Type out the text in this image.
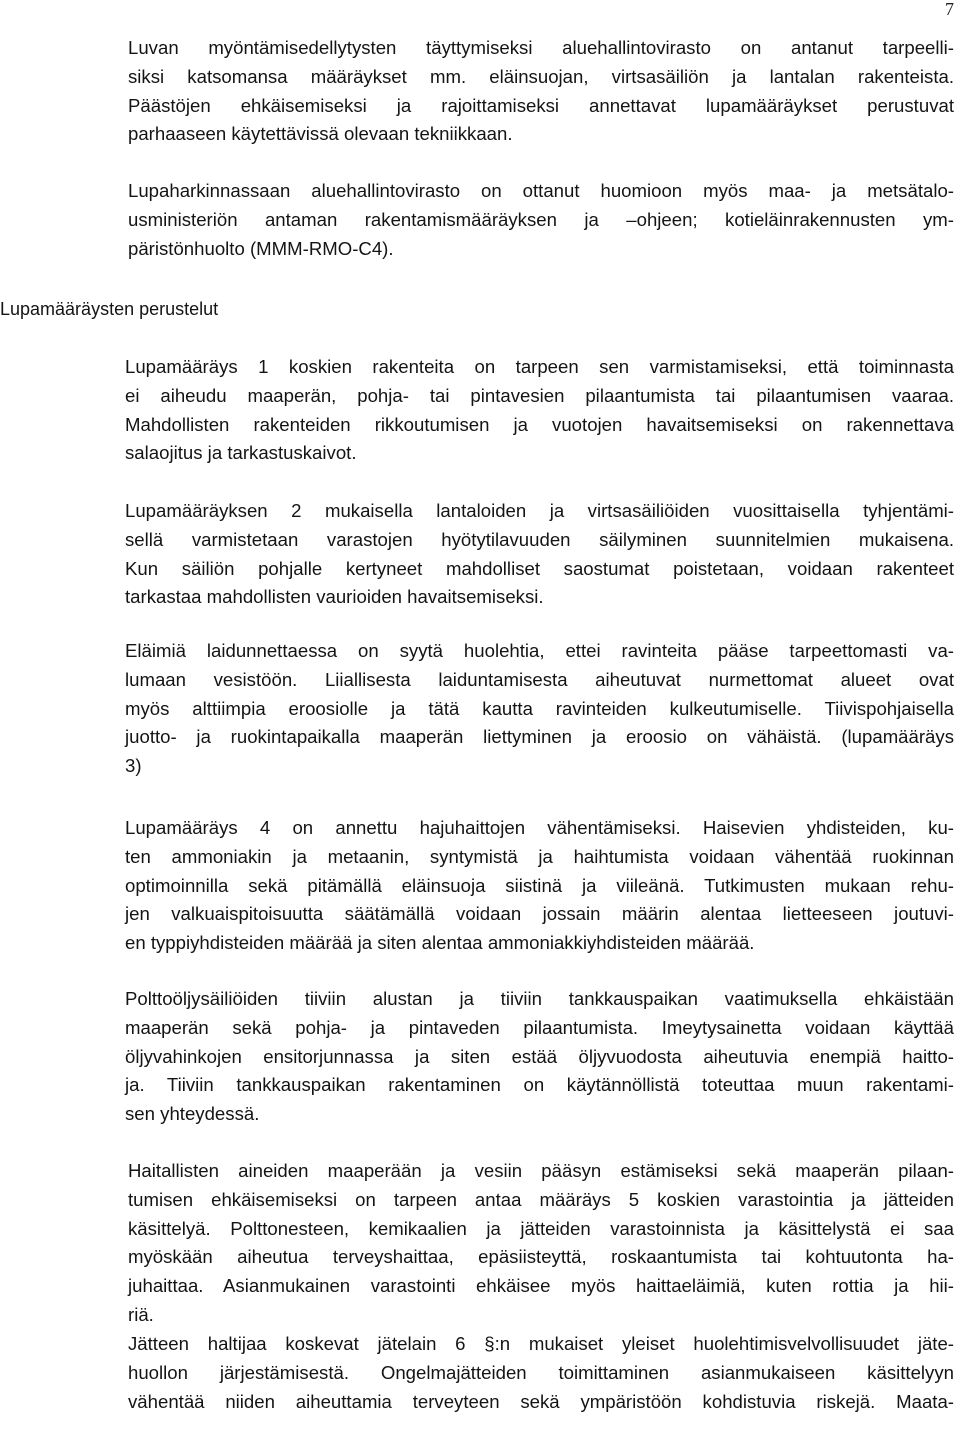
7
Lupamääräysten perustelut
Luvan myöntämisedellytysten täyttymiseksi aluehallintovirasto on antanut tarpeelli-
siksi katsomansa määräykset mm. eläinsuojan, virtsasäiliön ja lantalan rakenteista.
Päästöjen ehkäisemiseksi ja rajoittamiseksi annettavat lupamääräykset perustuvat
parhaaseen käytettävissä olevaan tekniikkaan.
Lupaharkinnassaan aluehallintovirasto on ottanut huomioon myös maa- ja metsätalo-
usministeriön antaman rakentamismääräyksen ja –ohjeen; kotieläinrakennusten ym-
päristönhuolto (MMM-RMO-C4).
Lupamääräys 1 koskien rakenteita on tarpeen sen varmistamiseksi, että toiminnasta
ei aiheudu maaperän, pohja- tai pintavesien pilaantumista tai pilaantumisen vaaraa.
Mahdollisten rakenteiden rikkoutumisen ja vuotojen havaitsemiseksi on rakennettava
salaojitus ja tarkastuskaivot.
Lupamääräyksen 2 mukaisella lantaloiden ja virtsasäiliöiden vuosittaisella tyhjentämi-
sellä varmistetaan varastojen hyötytilavuuden säilyminen suunnitelmien mukaisena.
Kun säiliön pohjalle kertyneet mahdolliset saostumat poistetaan, voidaan rakenteet
tarkastaa mahdollisten vaurioiden havaitsemiseksi.
Eläimiä laidunnettaessa on syytä huolehtia, ettei ravinteita pääse tarpeettomasti va-
lumaan vesistöön. Liiallisesta laiduntamisesta aiheutuvat nurmettomat alueet ovat
myös alttiimpia eroosiolle ja tätä kautta ravinteiden kulkeutumiselle. Tiivispohjaisella
juotto- ja ruokintapaikalla maaperän liettyminen ja eroosio on vähäistä. (lupamääräys
3)
Lupamääräys 4 on annettu hajuhaittojen vähentämiseksi. Haisevien yhdisteiden, ku-
ten ammoniakin ja metaanin, syntymistä ja haihtumista voidaan vähentää ruokinnan
optimoinnilla sekä pitämällä eläinsuoja siistinä ja viileänä. Tutkimusten mukaan rehu-
jen valkuaispitoisuutta säätämällä voidaan jossain määrin alentaa lietteeseen joutuvi-
en typpiyhdisteiden määrää ja siten alentaa ammoniakkiyhdisteiden määrää.
Polttoöljysäiliöiden tiiviin alustan ja tiiviin tankkauspaikan vaatimuksella ehkäistään
maaperän sekä pohja- ja pintaveden pilaantumista. Imeytysainetta voidaan käyttää
öljyvahinkojen ensitorjunnassa ja siten estää öljyvuodosta aiheutuvia enempiä haitto-
ja. Tiiviin tankkauspaikan rakentaminen on käytännöllistä toteuttaa muun rakentami-
sen yhteydessä.
Haitallisten aineiden maaperään ja vesiin pääsyn estämiseksi sekä maaperän pilaan-
tumisen ehkäisemiseksi on tarpeen antaa määräys 5 koskien varastointia ja jätteiden
käsittelyä. Polttonesteen, kemikaalien ja jätteiden varastoinnista ja käsittelystä ei saa
myöskään aiheutua terveyshaittaa, epäsiisteyttä, roskaantumista tai kohtuutonta ha-
juhaittaa. Asianmukainen varastointi ehkäisee myös haittaeläimiä, kuten rottia ja hii-
riä.
Jätteen haltijaa koskevat jätelain 6 §:n mukaiset yleiset huolehtimisvelvollisuudet jäte-
huollon järjestämisestä. Ongelmajätteiden toimittaminen asianmukaiseen käsittelyyn
vähentää niiden aiheuttamia terveyteen sekä ympäristöön kohdistuvia riskejä. Maata-
